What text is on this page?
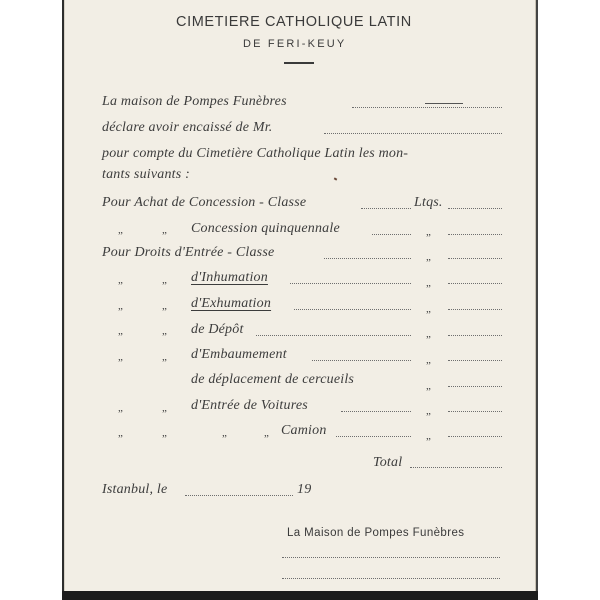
CIMETIERE CATHOLIQUE LATIN
DE FERI-KEUY
La maison de Pompes Funèbres
déclare avoir encaissé de Mr.
pour compte du Cimetière Catholique Latin les mon-
tants suivants :
Pour Achat de Concession - Classe	Ltqs.
„	„ Concession quinquennale	„
Pour Droits d'Entrée - Classe	„
„	„ d'Inhumation	„
„	„ d'Exhumation	„
„	„ de Dépôt	„
„	„ d'Embaumement	„
de déplacement de cercueils	„
„	„ d'Entrée de Voitures	„
„	„	„	„ Camion	„
Total
Istanbul, le	19
La Maison de Pompes Funèbres
